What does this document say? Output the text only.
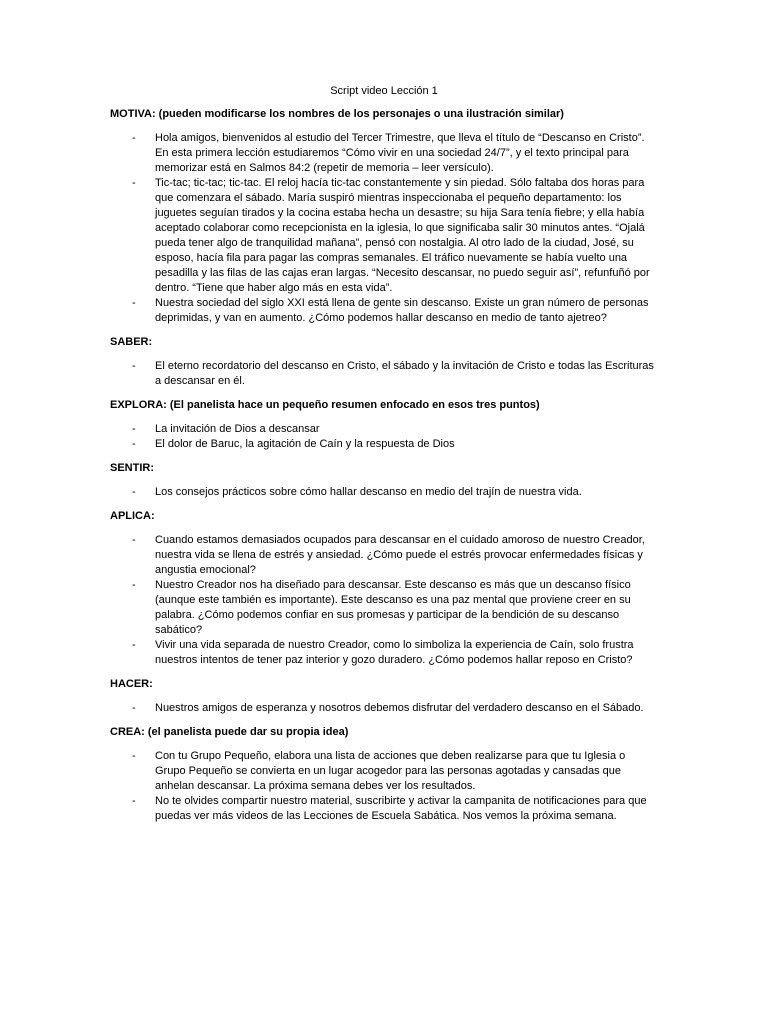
Script video Lección 1
MOTIVA: (pueden modificarse los nombres de los personajes o una ilustración similar)
- Hola amigos, bienvenidos al estudio del Tercer Trimestre, que lleva el título de “Descanso en Cristo”. En esta primera lección estudiaremos “Cómo vivir en una sociedad 24/7”, y el texto principal para memorizar está en Salmos 84:2 (repetir de memoria – leer versículo).
- Tic-tac; tic-tac; tic-tac. El reloj hacía tic-tac constantemente y sin piedad. Sólo faltaba dos horas para que comenzara el sábado. María suspiró mientras inspeccionaba el pequeño departamento: los juguetes seguían tirados y la cocina estaba hecha un desastre; su hija Sara tenía fiebre; y ella había aceptado colaborar como recepcionista en la iglesia, lo que significaba salir 30 minutos antes. “Ojalá pueda tener algo de tranquilidad mañana”, pensó con nostalgia. Al otro lado de la ciudad, José, su esposo, hacía fila para pagar las compras semanales. El tráfico nuevamente se había vuelto una pesadilla y las filas de las cajas eran largas. “Necesito descansar, no puedo seguir así”, refunfuñó por dentro. “Tiene que haber algo más en esta vida”.
- Nuestra sociedad del siglo XXI está llena de gente sin descanso. Existe un gran número de personas deprimidas, y van en aumento. ¿Cómo podemos hallar descanso en medio de tanto ajetreo?
SABER:
- El eterno recordatorio del descanso en Cristo, el sábado y la invitación de Cristo e todas las Escrituras a descansar en él.
EXPLORA: (El panelista hace un pequeño resumen enfocado en esos tres puntos)
- La invitación de Dios a descansar
- El dolor de Baruc, la agitación de Caín y la respuesta de Dios
SENTIR:
- Los consejos prácticos sobre cómo hallar descanso en medio del trajín de nuestra vida.
APLICA:
- Cuando estamos demasiados ocupados para descansar en el cuidado amoroso de nuestro Creador, nuestra vida se llena de estrés y ansiedad. ¿Cómo puede el estrés provocar enfermedades físicas y angustia emocional?
- Nuestro Creador nos ha diseñado para descansar. Este descanso es más que un descanso físico (aunque este también es importante). Este descanso es una paz mental que proviene creer en su palabra. ¿Cómo podemos confiar en sus promesas y participar de la bendición de su descanso sabático?
- Vivir una vida separada de nuestro Creador, como lo simboliza la experiencia de Caín, solo frustra nuestros intentos de tener paz interior y gozo duradero. ¿Cómo podemos hallar reposo en Cristo?
HACER:
- Nuestros amigos de esperanza y nosotros debemos disfrutar del verdadero descanso en el Sábado.
CREA: (el panelista puede dar su propia idea)
- Con tu Grupo Pequeño, elabora una lista de acciones que deben realizarse para que tu Iglesia o Grupo Pequeño se convierta en un lugar acogedor para las personas agotadas y cansadas que anhelan descansar. La próxima semana debes ver los resultados.
- No te olvides compartir nuestro material, suscribirte y activar la campanita de notificaciones para que puedas ver más videos de las Lecciones de Escuela Sabática. Nos vemos la próxima semana.
